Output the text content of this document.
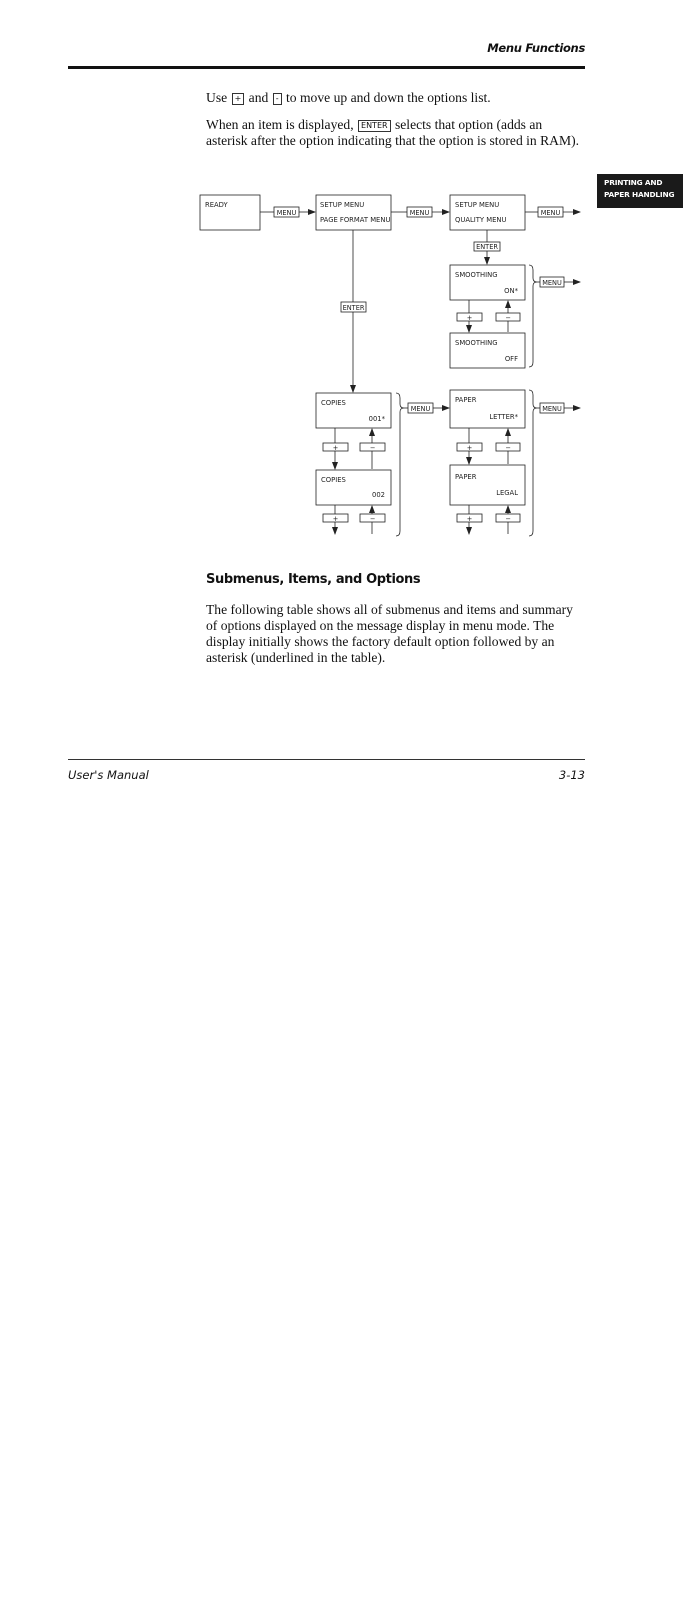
Menu Functions
PRINTING AND
PAPER HANDLING
Use + and - to move up and down the options list.
When an item is displayed, ENTER selects that option (adds an asterisk after the option indicating that the option is stored in RAM).
READY	SETUP MENU
PAGE FORMAT MENU
SETUP MENU
QUALITY MENU
SMOOTHING
ON*
SMOOTHING
OFF
COPIES
001*
COPIES
002
PAPER
LETTER*
PAPER
LEGAL
MENU	MENU	MENU
ENTER
ENTER
MENU
MENU	MENU
+	−
+	−
+	−
+	−
+	−
Submenus, Items, and Options
The following table shows all of submenus and items and summary of options displayed on the message display in menu mode. The display initially shows the factory default option followed by an asterisk (underlined in the table).
User's Manual	3-13
